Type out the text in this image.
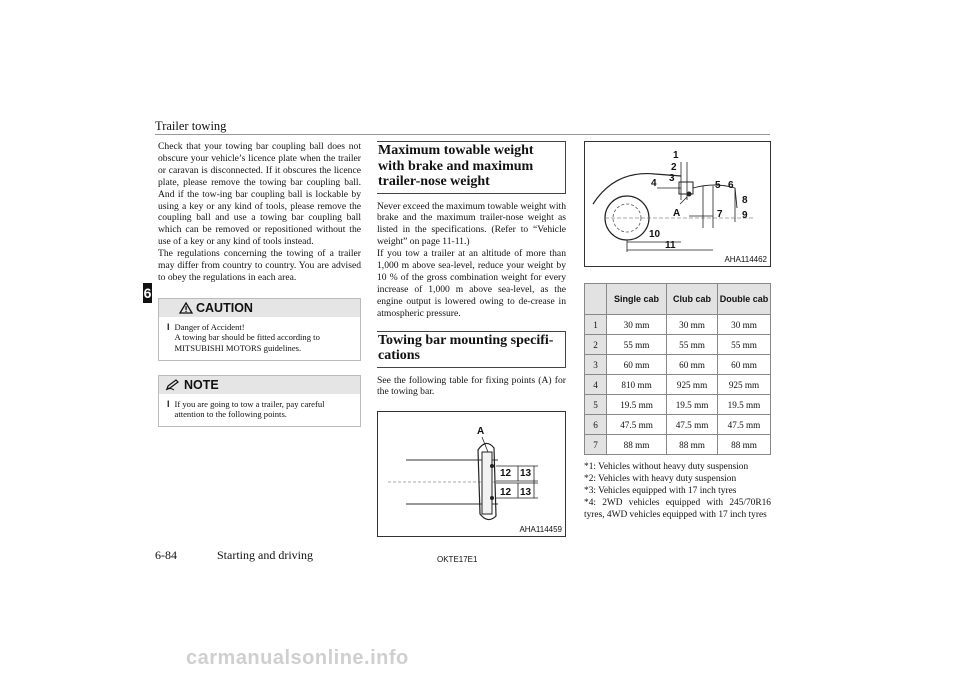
Trailer towing
6

Check that your towing bar coupling ball does not obscure your vehicle’s licence plate when the trailer or caravan is disconnected. If it obscures the licence plate, please remove the towing bar coupling ball. And if the tow-ing bar coupling ball is lockable by using a key or any kind of tools, please remove the coupling ball and use a towing bar coupling ball which can be removed or repositioned without the use of a key or any kind of tools instead.

The regulations concerning the towing of a trailer may differ from country to country. You are advised to obey the regulations in each area.

CAUTION
l Danger of Accident!
A towing bar should be fitted according to MITSUBISHI MOTORS guidelines.
NOTE
l If you are going to tow a trailer, pay careful attention to the following points.
Maximum towable weight with brake and maximum trailer-nose weight

Never exceed the maximum towable weight with brake and the maximum trailer-nose weight as listed in the specifications. (Refer to “Vehicle weight” on page 11-11.)

If you tow a trailer at an altitude of more than 1,000 m above sea-level, reduce your weight by 10 % of the gross combination weight for every increase of 1,000 m above sea-level, as the engine output is lowered owing to de-crease in atmospheric pressure.

Towing bar mounting specifi-cations

See the following table for fixing points (A) for the towing bar.

A
12 13
12 13
AHA114459
1
2
3
4	5 6
8
A	7 9
10
11
AHA114462
	Single cab	Club cab	Double cab
1	30 mm	30 mm	30 mm
2	55 mm	55 mm	55 mm
3	60 mm	60 mm	60 mm
4	810 mm	925 mm	925 mm
5	19.5 mm	19.5 mm	19.5 mm
6	47.5 mm	47.5 mm	47.5 mm
7	88 mm	88 mm	88 mm
*1: Vehicles without heavy duty suspension
*2: Vehicles with heavy duty suspension
*3: Vehicles equipped with 17 inch tyres
*4: 2WD vehicles equipped with 245/70R16 tyres, 4WD vehicles equipped with 17 inch tyres
6-84	Starting and driving	OKTE17E1
carmanualsonline.info
